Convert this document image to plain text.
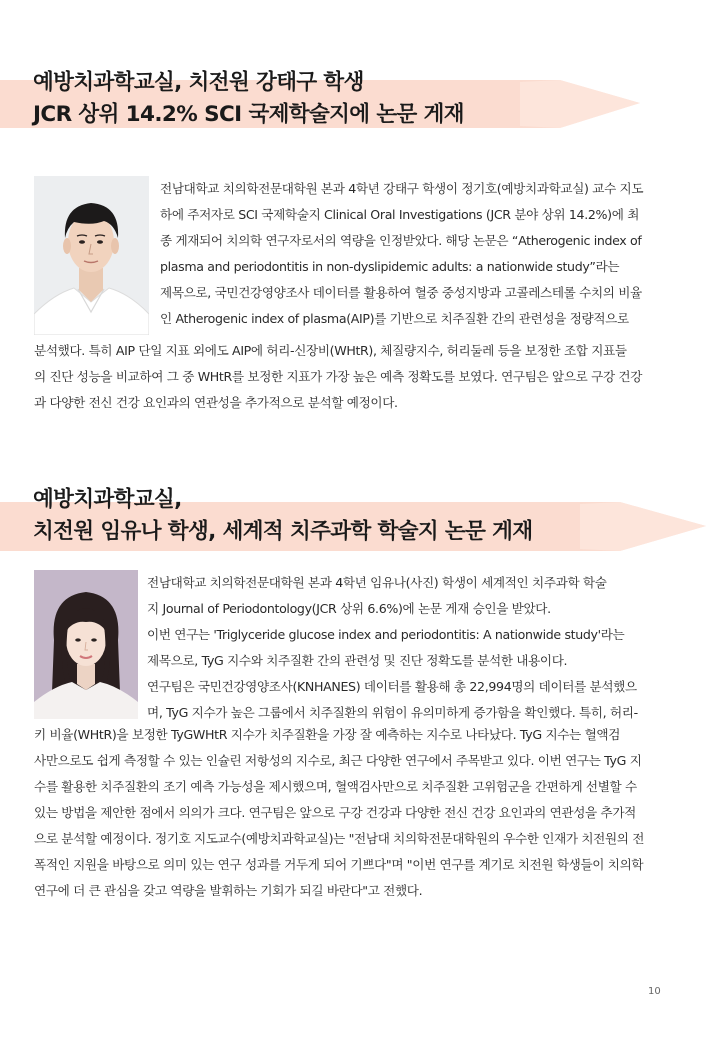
예방치과학교실, 치전원 강태구 학생
JCR 상위 14.2% SCI 국제학술지에 논문 게재
전남대학교 치의학전문대학원 본과 4학년 강태구 학생이 정기호(예방치과학교실) 교수 지도
하에 주저자로 SCI 국제학술지 Clinical Oral Investigations (JCR 분야 상위 14.2%)에 최
종 게재되어 치의학 연구자로서의 역량을 인정받았다. 해당 논문은 “Atherogenic index of
plasma and periodontitis in non-dyslipidemic adults: a nationwide study”라는
제목으로, 국민건강영양조사 데이터를 활용하여 혈중 중성지방과 고콜레스테롤 수치의 비율
인 Atherogenic index of plasma(AIP)를 기반으로 치주질환 간의 관련성을 정량적으로
분석했다. 특히 AIP 단일 지표 외에도 AIP에 허리-신장비(WHtR), 체질량지수, 허리둘레 등을 보정한 조합 지표들
의 진단 성능을 비교하여 그 중 WHtR를 보정한 지표가 가장 높은 예측 정확도를 보였다. 연구팀은 앞으로 구강 건강
과 다양한 전신 건강 요인과의 연관성을 추가적으로 분석할 예정이다.
예방치과학교실,
치전원 임유나 학생, 세계적 치주과학 학술지 논문 게재
전남대학교 치의학전문대학원 본과 4학년 임유나(사진) 학생이 세계적인 치주과학 학술
지 Journal of Periodontology(JCR 상위 6.6%)에 논문 게재 승인을 받았다.
이번 연구는 'Triglyceride glucose index and periodontitis: A nationwide study'라는
제목으로, TyG 지수와 치주질환 간의 관련성 및 진단 정확도를 분석한 내용이다.
연구팀은 국민건강영양조사(KNHANES) 데이터를 활용해 총 22,994명의 데이터를 분석했으
며, TyG 지수가 높은 그룹에서 치주질환의 위험이 유의미하게 증가함을 확인했다. 특히, 허리-
키 비율(WHtR)을 보정한 TyGWHtR 지수가 치주질환을 가장 잘 예측하는 지수로 나타났다. TyG 지수는 혈액검
사만으로도 쉽게 측정할 수 있는 인슐린 저항성의 지수로, 최근 다양한 연구에서 주목받고 있다. 이번 연구는 TyG 지
수를 활용한 치주질환의 조기 예측 가능성을 제시했으며, 혈액검사만으로 치주질환 고위험군을 간편하게 선별할 수
있는 방법을 제안한 점에서 의의가 크다. 연구팀은 앞으로 구강 건강과 다양한 전신 건강 요인과의 연관성을 추가적
으로 분석할 예정이다. 정기호 지도교수(예방치과학교실)는 "전남대 치의학전문대학원의 우수한 인재가 치전원의 전
폭적인 지원을 바탕으로 의미 있는 연구 성과를 거두게 되어 기쁘다"며 "이번 연구를 계기로 치전원 학생들이 치의학
연구에 더 큰 관심을 갖고 역량을 발휘하는 기회가 되길 바란다"고 전했다.
10
